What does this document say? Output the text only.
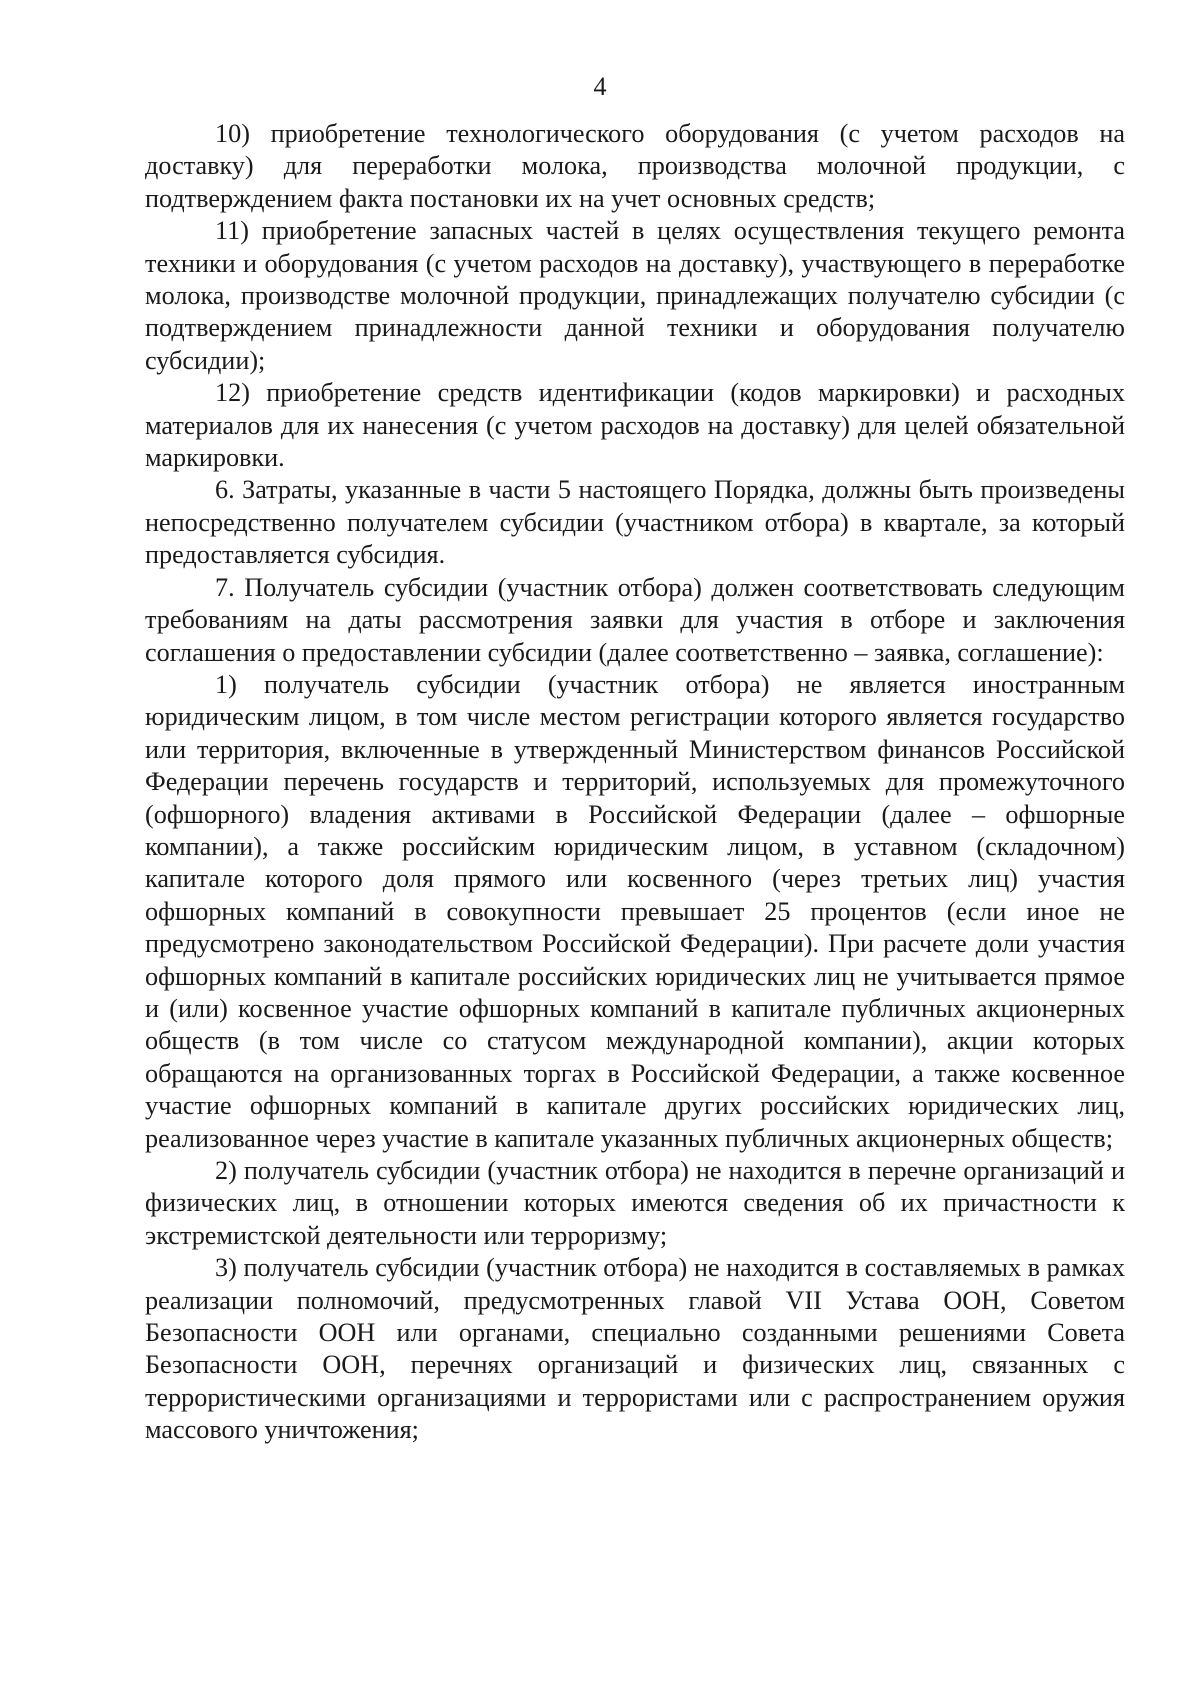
4

10) приобретение технологического оборудования (с учетом расходов на доставку) для переработки молока, производства молочной продукции, с подтверждением факта постановки их на учет основных средств;

11) приобретение запасных частей в целях осуществления текущего ремонта техники и оборудования (с учетом расходов на доставку), участвующего в переработке молока, производстве молочной продукции, принадлежащих получателю субсидии (с подтверждением принадлежности данной техники и оборудования получателю субсидии);

12) приобретение средств идентификации (кодов маркировки) и расходных материалов для их нанесения (с учетом расходов на доставку) для целей обязательной маркировки.

6. Затраты, указанные в части 5 настоящего Порядка, должны быть произведены непосредственно получателем субсидии (участником отбора) в квартале, за который предоставляется субсидия.

7. Получатель субсидии (участник отбора) должен соответствовать следующим требованиям на даты рассмотрения заявки для участия в отборе и заключения соглашения о предоставлении субсидии (далее соответственно – заявка, соглашение):

1) получатель субсидии (участник отбора) не является иностранным юридическим лицом, в том числе местом регистрации которого является государство или территория, включенные в утвержденный Министерством финансов Российской Федерации перечень государств и территорий, используемых для промежуточного (офшорного) владения активами в Российской Федерации (далее – офшорные компании), а также российским юридическим лицом, в уставном (складочном) капитале которого доля прямого или косвенного (через третьих лиц) участия офшорных компаний в совокупности превышает 25 процентов (если иное не предусмотрено законодательством Российской Федерации). При расчете доли участия офшорных компаний в капитале российских юридических лиц не учитывается прямое и (или) косвенное участие офшорных компаний в капитале публичных акционерных обществ (в том числе со статусом международной компании), акции которых обращаются на организованных торгах в Российской Федерации, а также косвенное участие офшорных компаний в капитале других российских юридических лиц, реализованное через участие в капитале указанных публичных акционерных обществ;

2) получатель субсидии (участник отбора) не находится в перечне организаций и физических лиц, в отношении которых имеются сведения об их причастности к экстремистской деятельности или терроризму;

3) получатель субсидии (участник отбора) не находится в составляемых в рамках реализации полномочий, предусмотренных главой VII Устава ООН, Советом Безопасности ООН или органами, специально созданными решениями Совета Безопасности ООН, перечнях организаций и физических лиц, связанных с террористическими организациями и террористами или с распространением оружия массового уничтожения;
